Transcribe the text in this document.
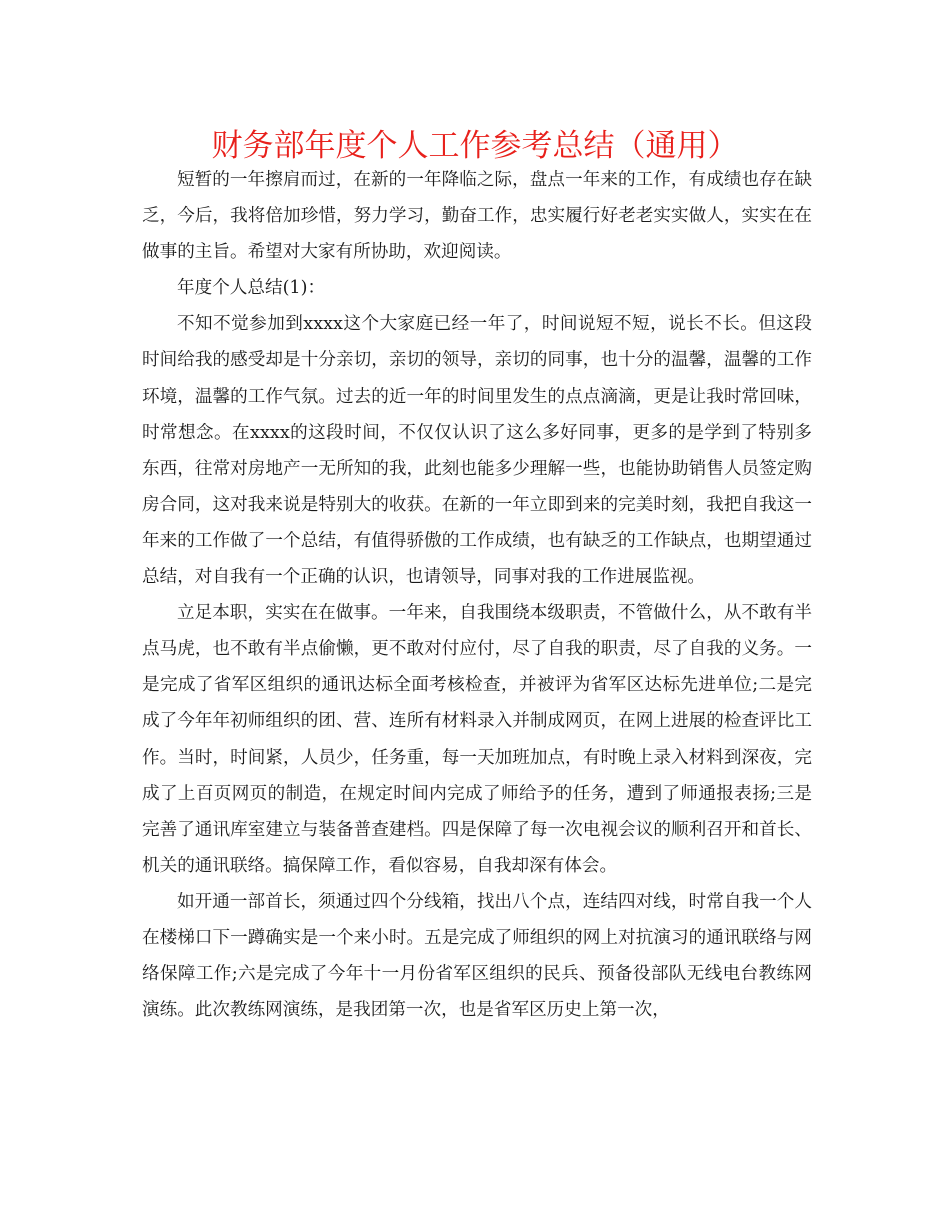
财务部年度个人工作参考总结（通用）

短暂的一年擦肩而过，在新的一年降临之际，盘点一年来的工作，有成绩也存在缺乏，今后，我将倍加珍惜，努力学习，勤奋工作，忠实履行好老老实实做人，实实在在做事的主旨。希望对大家有所协助，欢迎阅读。

年度个人总结(1)：

不知不觉参加到xxxx这个大家庭已经一年了，时间说短不短，说长不长。但这段时间给我的感受却是十分亲切，亲切的领导，亲切的同事，也十分的温馨，温馨的工作环境，温馨的工作气氛。过去的近一年的时间里发生的点点滴滴，更是让我时常回味，时常想念。在xxxx的这段时间，不仅仅认识了这么多好同事，更多的是学到了特别多东西，往常对房地产一无所知的我，此刻也能多少理解一些，也能协助销售人员签定购房合同，这对我来说是特别大的收获。在新的一年立即到来的完美时刻，我把自我这一年来的工作做了一个总结，有值得骄傲的工作成绩，也有缺乏的工作缺点，也期望通过总结，对自我有一个正确的认识，也请领导，同事对我的工作进展监视。

立足本职，实实在在做事。一年来，自我围绕本级职责，不管做什么，从不敢有半点马虎，也不敢有半点偷懒，更不敢对付应付，尽了自我的职责，尽了自我的义务。一是完成了省军区组织的通讯达标全面考核检查，并被评为省军区达标先进单位;二是完成了今年年初师组织的团、营、连所有材料录入并制成网页，在网上进展的检查评比工作。当时，时间紧，人员少，任务重，每一天加班加点，有时晚上录入材料到深夜，完成了上百页网页的制造，在规定时间内完成了师给予的任务，遭到了师通报表扬;三是完善了通讯库室建立与装备普查建档。四是保障了每一次电视会议的顺利召开和首长、机关的通讯联络。搞保障工作，看似容易，自我却深有体会。

如开通一部首长，须通过四个分线箱，找出八个点，连结四对线，时常自我一个人在楼梯口下一蹲确实是一个来小时。五是完成了师组织的网上对抗演习的通讯联络与网络保障工作;六是完成了今年十一月份省军区组织的民兵、预备役部队无线电台教练网演练。此次教练网演练，是我团第一次，也是省军区历史上第一次，
